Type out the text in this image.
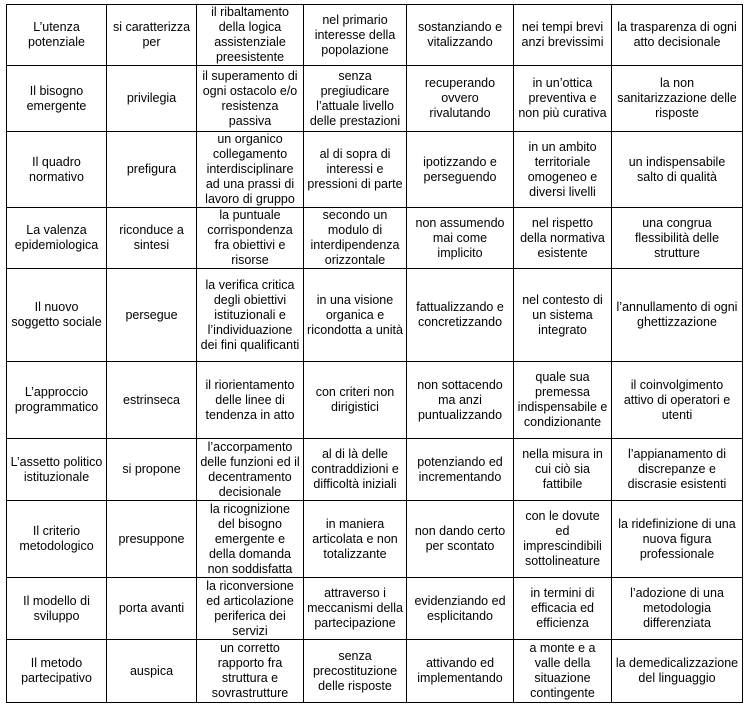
L’utenza potenziale	si caratterizza per	il ribaltamento della logica assistenziale preesistente	nel primario interesse della popolazione	sostanziando e vitalizzando	nei tempi brevi anzi brevissimi	la trasparenza di ogni atto decisionale
Il bisogno emergente	privilegia	il superamento di ogni ostacolo e/o resistenza passiva	senza pregiudicare l’attuale livello delle prestazioni	recuperando ovvero rivalutando	in un’ottica preventiva e non più curativa	la non sanitarizzazione delle risposte
Il quadro normativo	prefigura	un organico collegamento interdisciplinare ad una prassi di lavoro di gruppo	al di sopra di interessi e pressioni di parte	ipotizzando e perseguendo	in un ambito territoriale omogeneo e diversi livelli	un indispensabile salto di qualità
La valenza epidemiologica	riconduce a sintesi	la puntuale corrispondenza fra obiettivi e risorse	secondo un modulo di interdipendenza orizzontale	non assumendo mai come implicito	nel rispetto della normativa esistente	una congrua flessibilità delle strutture
Il nuovo soggetto sociale	persegue	la verifica critica degli obiettivi istituzionali e l’individuazione dei fini qualificanti	in una visione organica e ricondotta a unità	fattualizzando e concretizzando	nel contesto di un sistema integrato	l’annullamento di ogni ghettizzazione
L’approccio programmatico	estrinseca	il riorientamento delle linee di tendenza in atto	con criteri non dirigistici	non sottacendo ma anzi puntualizzando	quale sua premessa indispensabile e condizionante	il coinvolgimento attivo di operatori e utenti
L’assetto politico istituzionale	si propone	l’accorpamento delle funzioni ed il decentramento decisionale	al di là delle contraddizioni e difficoltà iniziali	potenziando ed incrementando	nella misura in cui ciò sia fattibile	l’appianamento di discrepanze e discrasie esistenti
Il criterio metodologico	presuppone	la ricognizione del bisogno emergente e della domanda non soddisfatta	in maniera articolata e non totalizzante	non dando certo per scontato	con le dovute ed imprescindibili sottolineature	la ridefinizione di una nuova figura professionale
Il modello di sviluppo	porta avanti	la riconversione ed articolazione periferica dei servizi	attraverso i meccanismi della partecipazione	evidenziando ed esplicitando	in termini di efficacia ed efficienza	l’adozione di una metodologia differenziata
Il metodo partecipativo	auspica	un corretto rapporto fra struttura e sovrastrutture	senza precostituzione delle risposte	attivando ed implementando	a monte e a valle della situazione contingente	la demedicalizzazione del linguaggio
